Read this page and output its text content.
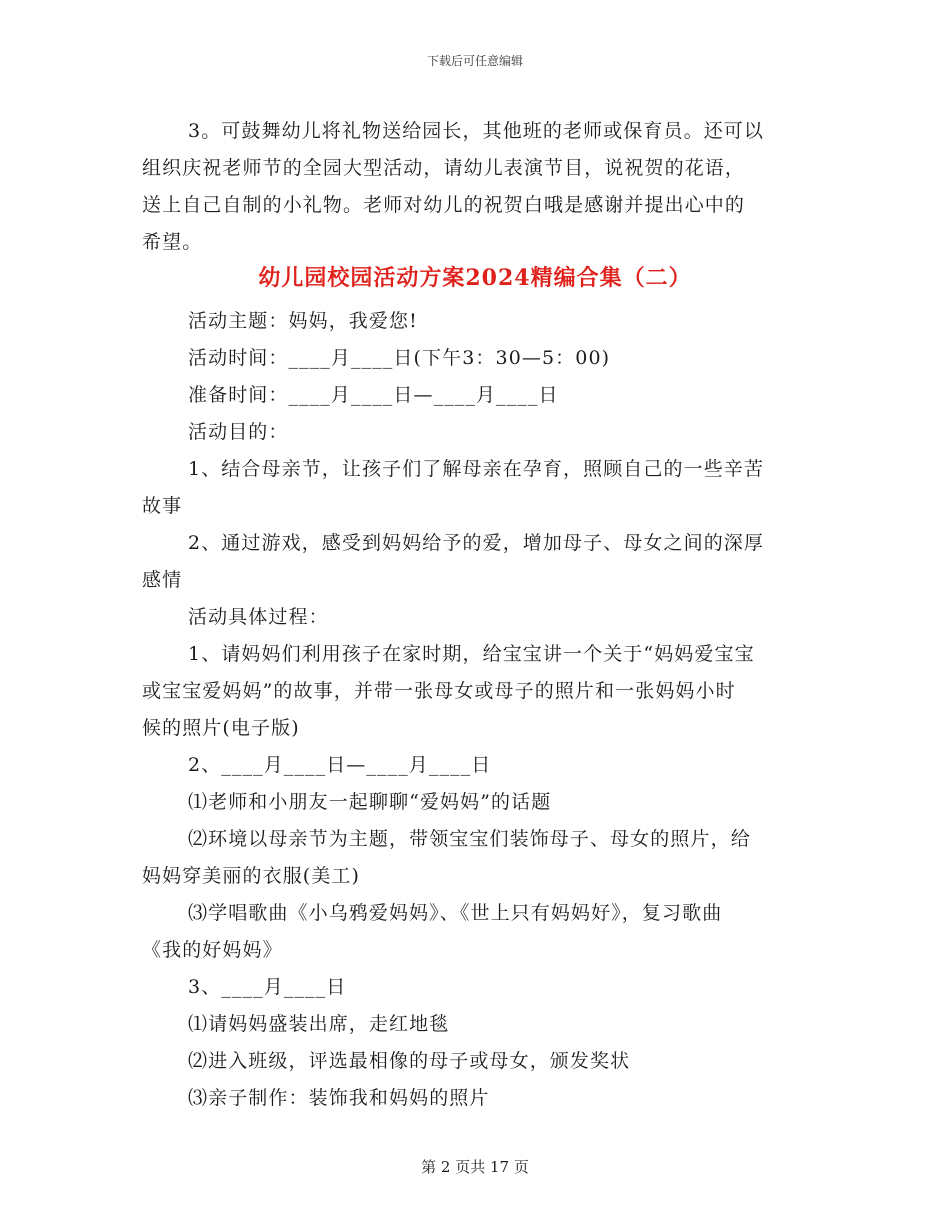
下载后可任意编辑
3。可鼓舞幼儿将礼物送给园长，其他班的老师或保育员。还可以
组织庆祝老师节的全园大型活动，请幼儿表演节目，说祝贺的花语，
送上自己自制的小礼物。老师对幼儿的祝贺白哦是感谢并提出心中的
希望。
幼儿园校园活动方案2024精编合集（二）
活动主题：妈妈，我爱您!
活动时间：____月____日(下午3：30—5：00)
准备时间：____月____日—____月____日
活动目的：
1、结合母亲节，让孩子们了解母亲在孕育，照顾自己的一些辛苦
故事
2、通过游戏，感受到妈妈给予的爱，增加母子、母女之间的深厚
感情
活动具体过程：
1、请妈妈们利用孩子在家时期，给宝宝讲一个关于“妈妈爱宝宝
或宝宝爱妈妈”的故事，并带一张母女或母子的照片和一张妈妈小时
候的照片(电子版)
2、____月____日—____月____日
⑴老师和小朋友一起聊聊“爱妈妈”的话题
⑵环境以母亲节为主题，带领宝宝们装饰母子、母女的照片，给
妈妈穿美丽的衣服(美工)
⑶学唱歌曲《小乌鸦爱妈妈》、《世上只有妈妈好》，复习歌曲
《我的好妈妈》
3、____月____日
⑴请妈妈盛装出席，走红地毯
⑵进入班级，评选最相像的母子或母女，颁发奖状
⑶亲子制作：装饰我和妈妈的照片
第 2 页共 17 页
